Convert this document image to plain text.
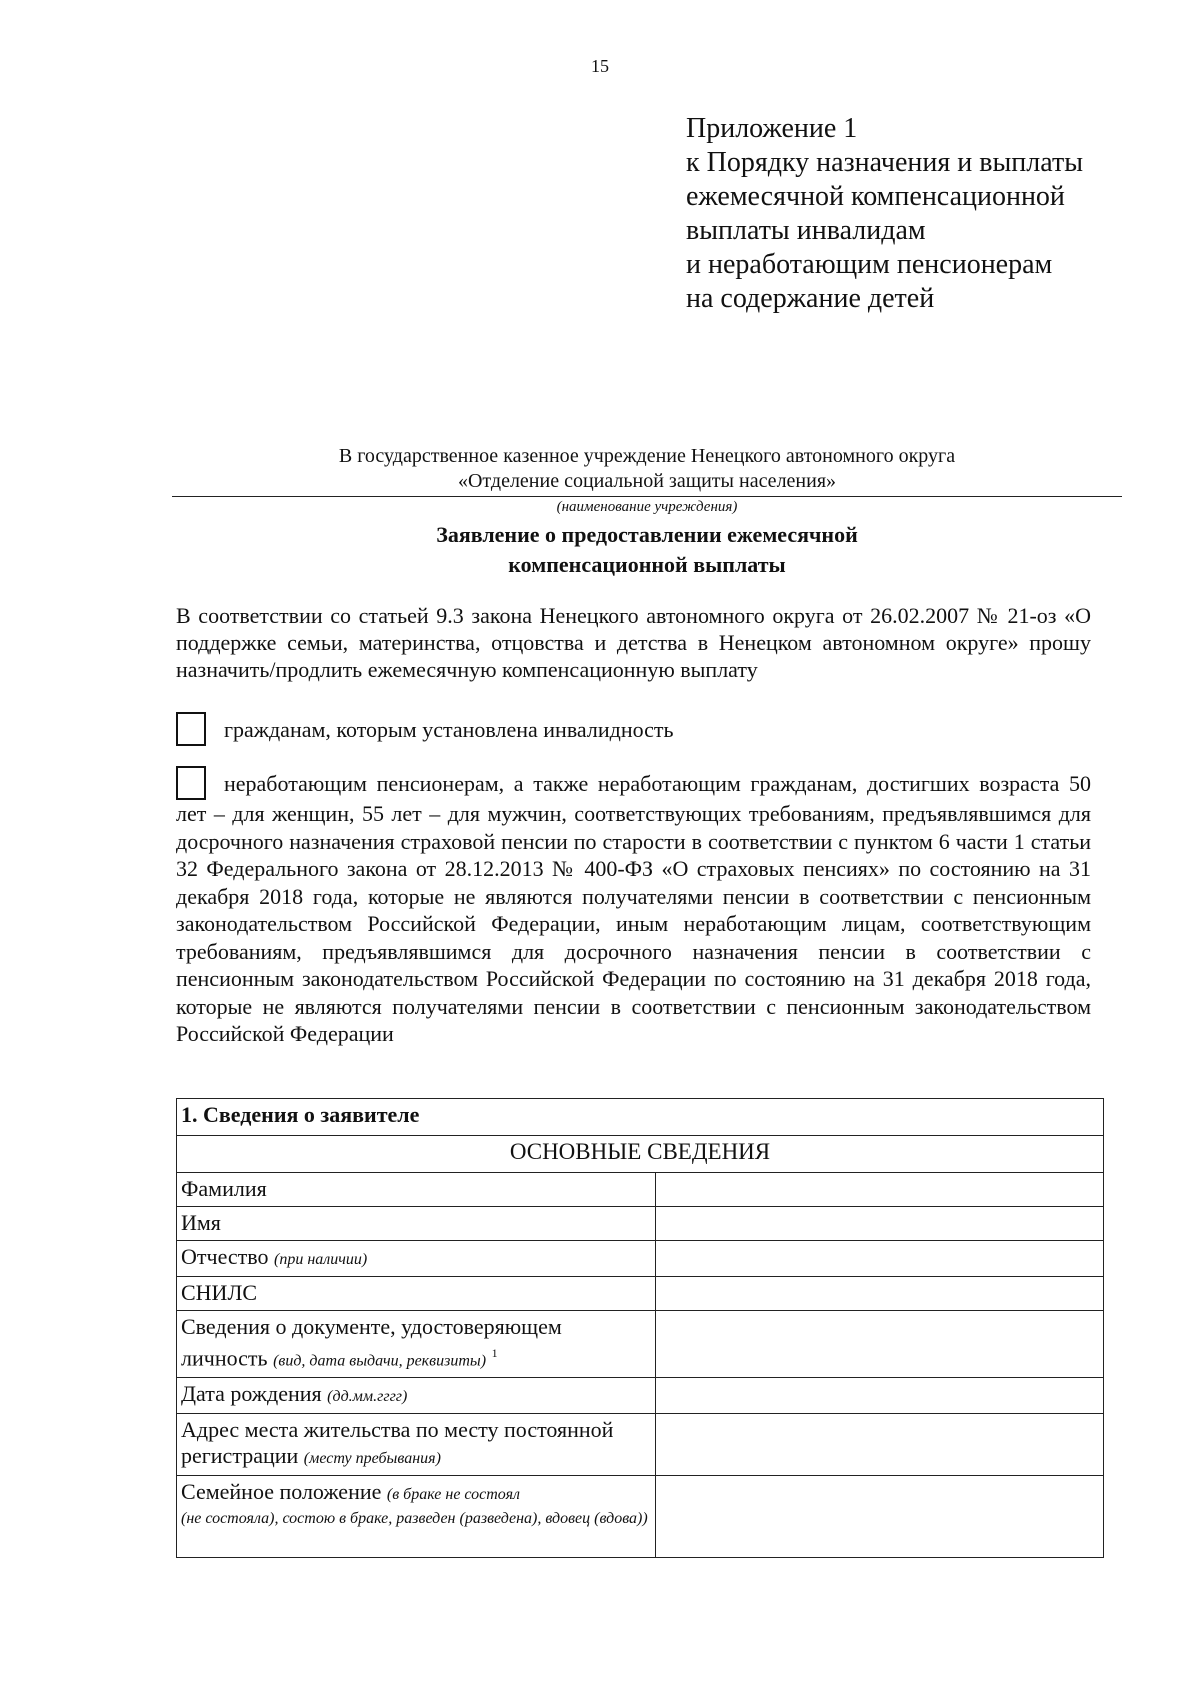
15
Приложение 1
к Порядку назначения и выплаты
ежемесячной компенсационной
выплаты инвалидам
и неработающим пенсионерам
на содержание детей
В государственное казенное учреждение Ненецкого автономного округа
«Отделение социальной защиты населения»
(наименование учреждения)
Заявление о предоставлении ежемесячной
компенсационной выплаты
В соответствии со статьей 9.3 закона Ненецкого автономного округа от 26.02.2007 № 21-оз «О поддержке семьи, материнства, отцовства и детства в Ненецком автономном округе» прошу назначить/продлить ежемесячную компенсационную выплату
гражданам, которым установлена инвалидность
неработающим пенсионерам, а также неработающим гражданам, достигших возраста 50 лет – для женщин, 55 лет – для мужчин, соответствующих требованиям, предъявлявшимся для досрочного назначения страховой пенсии по старости в соответствии с пунктом 6 части 1 статьи 32 Федерального закона от 28.12.2013 № 400-ФЗ «О страховых пенсиях» по состоянию на 31 декабря 2018 года, которые не являются получателями пенсии в соответствии с пенсионным законодательством Российской Федерации, иным неработающим лицам, соответствующим требованиям, предъявлявшимся для досрочного назначения пенсии в соответствии с пенсионным законодательством Российской Федерации по состоянию на 31 декабря 2018 года, которые не являются получателями пенсии в соответствии с пенсионным законодательством Российской Федерации
1. Сведения о заявителе	
ОСНОВНЫЕ СВЕДЕНИЯ	
Фамилия	
Имя	
Отчество (при наличии)	
СНИЛС	
Сведения о документе, удостоверяющем личность (вид, дата выдачи, реквизиты) $^1$	
Дата рождения (дд.мм.гггг)	
Адрес места жительства по месту постоянной регистрации (месту пребывания)	
Семейное положение (в браке не состоял
(не состояла), состою в браке, разведен (разведена), вдовец (вдова))	
